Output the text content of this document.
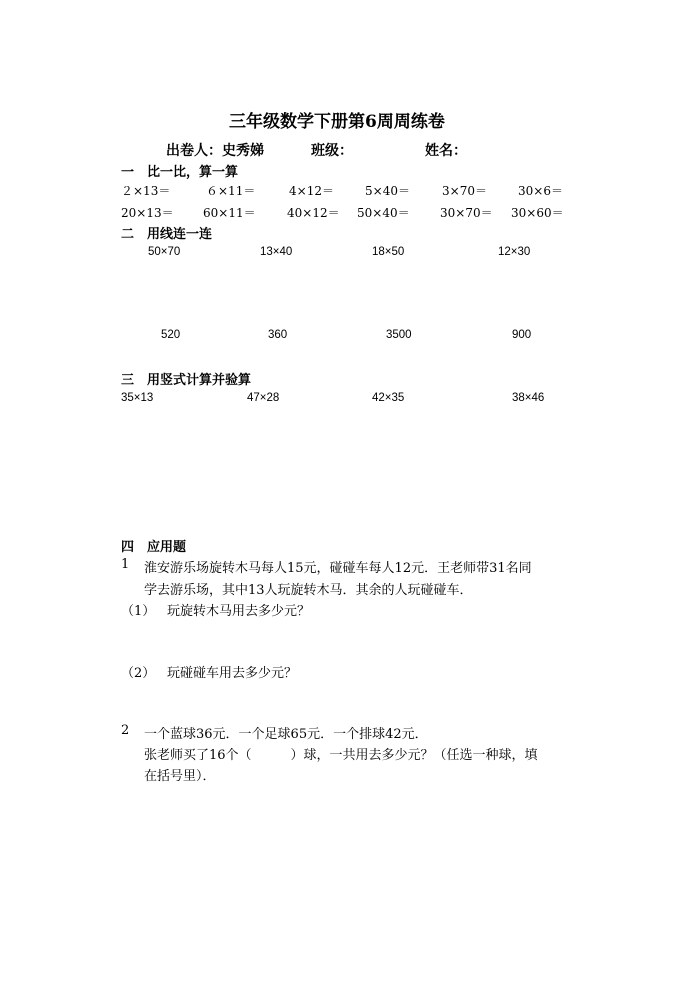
三年级数学下册第6周周练卷
出卷人：史秀娣	班级：	姓名：
一　比一比，算一算
２×13＝	６×11＝	4×12＝	5×40＝	3×70＝	30×6＝
20×13＝ 60×11＝	40×12＝ 50×40＝	30×70＝ 30×60＝
二　用线连一连
50×70	13×40	18×50	12×30
520	360	3500	900
三　用竖式计算并验算
35×13	47×28	42×35	38×46
四　应用题
1 淮安游乐场旋转木马每人15元，碰碰车每人12元．王老师带31名同
学去游乐场，其中13人玩旋转木马．其余的人玩碰碰车．
（1） 玩旋转木马用去多少元？
（2） 玩碰碰车用去多少元？
2 一个蓝球36元．一个足球65元．一个排球42元．
张老师买了16个（　　　）球，一共用去多少元？（任选一种球，填
在括号里）．
